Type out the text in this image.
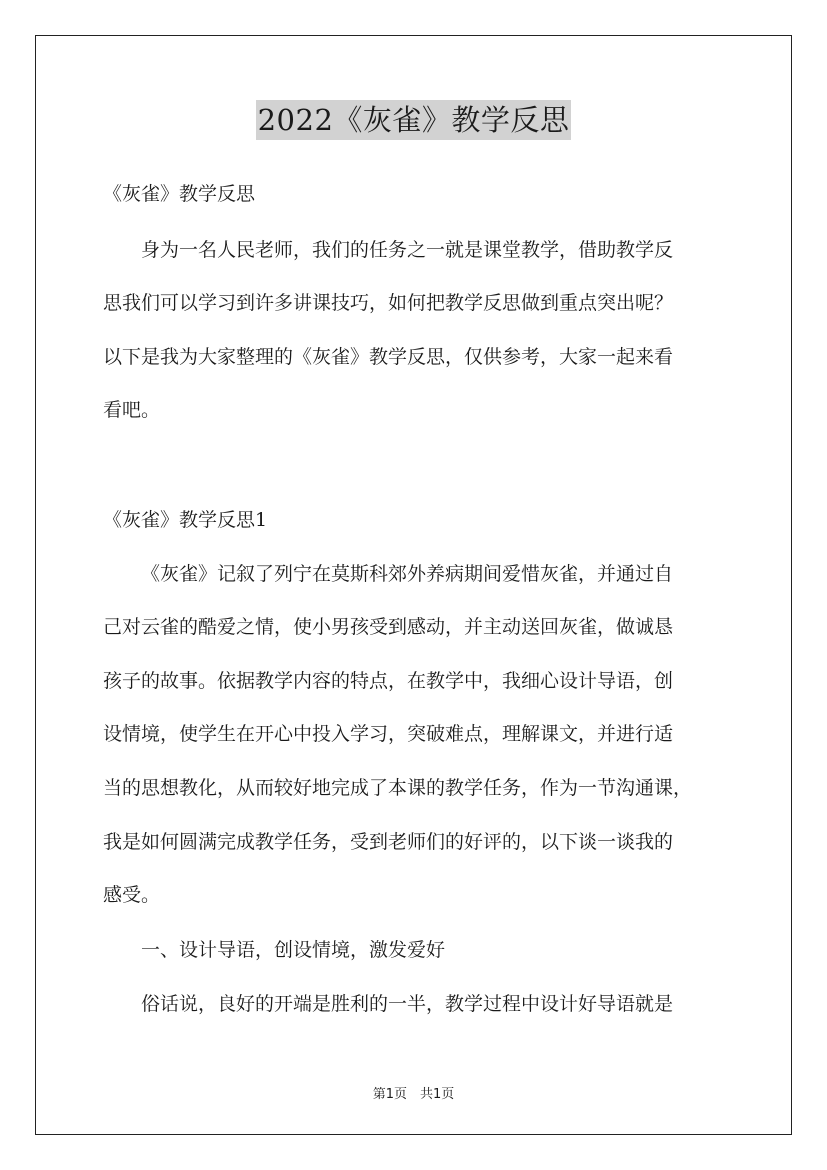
2022《灰雀》教学反思
《灰雀》教学反思
身为一名人民老师，我们的任务之一就是课堂教学，借助教学反
思我们可以学习到许多讲课技巧，如何把教学反思做到重点突出呢？
以下是我为大家整理的《灰雀》教学反思，仅供参考，大家一起来看
看吧。
《灰雀》教学反思1
《灰雀》记叙了列宁在莫斯科郊外养病期间爱惜灰雀，并通过自
己对云雀的酷爱之情，使小男孩受到感动，并主动送回灰雀，做诚恳
孩子的故事。依据教学内容的特点，在教学中，我细心设计导语，创
设情境，使学生在开心中投入学习，突破难点，理解课文，并进行适
当的思想教化，从而较好地完成了本课的教学任务，作为一节沟通课，
我是如何圆满完成教学任务，受到老师们的好评的，以下谈一谈我的
感受。
一、设计导语，创设情境，激发爱好
俗话说，良好的开端是胜利的一半，教学过程中设计好导语就是
第1页　共1页
